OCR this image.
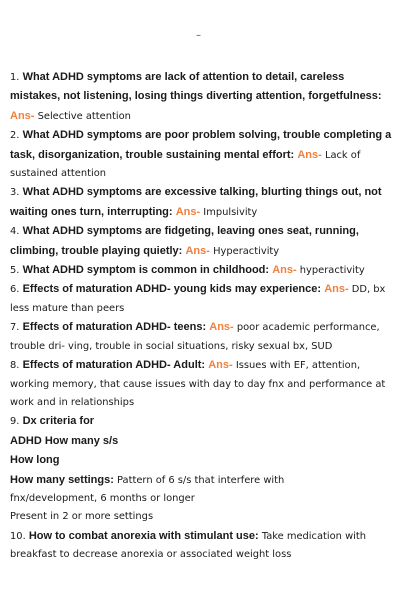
–

1. What ADHD symptoms are lack of attention to detail, careless mistakes, not listening, losing things diverting attention, forgetfulness: Ans- Selective attention

2. What ADHD symptoms are poor problem solving, trouble completing a task, disorganization, trouble sustaining mental effort: Ans- Lack of sustained attention

3. What ADHD symptoms are excessive talking, blurting things out, not waiting ones turn, interrupting: Ans- Impulsivity

4. What ADHD symptoms are fidgeting, leaving ones seat, running, climbing, trouble playing quietly: Ans- Hyperactivity

5. What ADHD symptom is common in childhood: Ans- hyperactivity

6. Effects of maturation ADHD- young kids may experience: Ans- DD, bx less mature than peers

7. Effects of maturation ADHD- teens: Ans- poor academic performance, trouble dri- ving, trouble in social situations, risky sexual bx, SUD

8. Effects of maturation ADHD- Adult: Ans- Issues with EF, attention, working memory, that cause issues with day to day fnx and performance at work and in relationships

9. Dx criteria for

ADHD How many s/s

How long

How many settings: Pattern of 6 s/s that interfere with

fnx/development, 6 months or longer

Present in 2 or more settings

10. How to combat anorexia with stimulant use: Take medication with breakfast to decrease anorexia or associated weight loss
